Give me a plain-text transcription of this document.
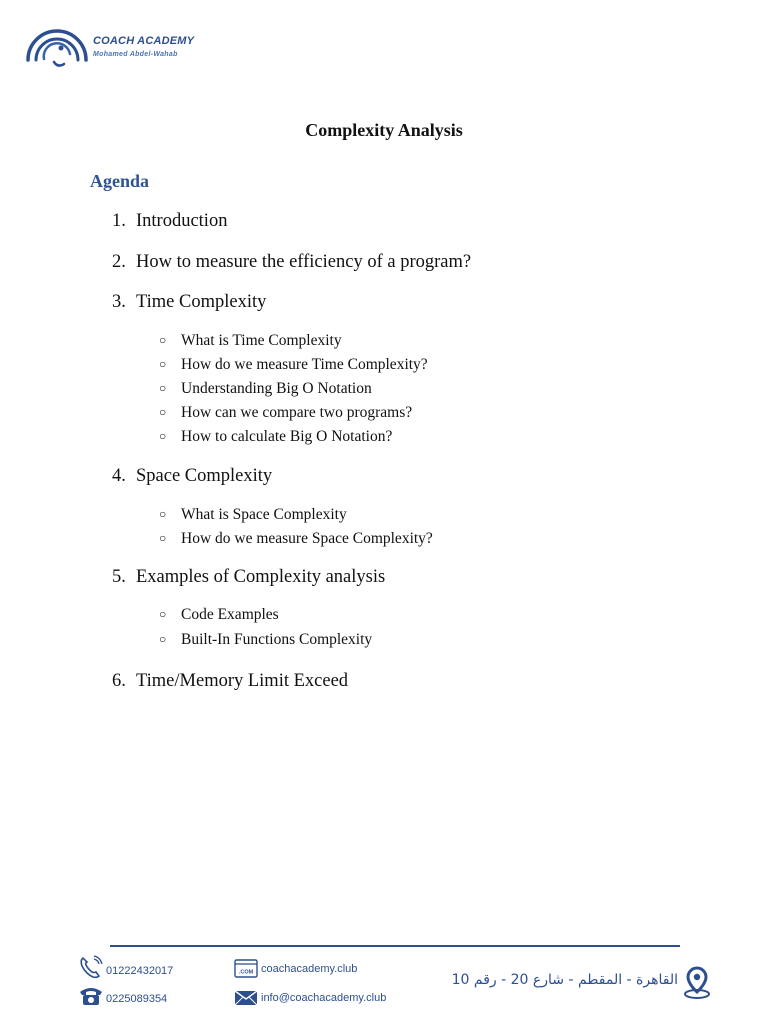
COACH ACADEMY
Mohamed Abdel-Wahab
Complexity Analysis
Agenda
1. Introduction
2. How to measure the efficiency of a program?
3. Time Complexity
○ What is Time Complexity
○ How do we measure Time Complexity?
○ Understanding Big O Notation
○ How can we compare two programs?
○ How to calculate Big O Notation?
4. Space Complexity
○ What is Space Complexity
○ How do we measure Space Complexity?
5. Examples of Complexity analysis
○ Code Examples
○ Built-In Functions Complexity
6. Time/Memory Limit Exceed
01222432017
0225089354
.COM coachacademy.club
info@coachacademy.club
القاهرة - المقطم - شارع 20 - رقم 10
